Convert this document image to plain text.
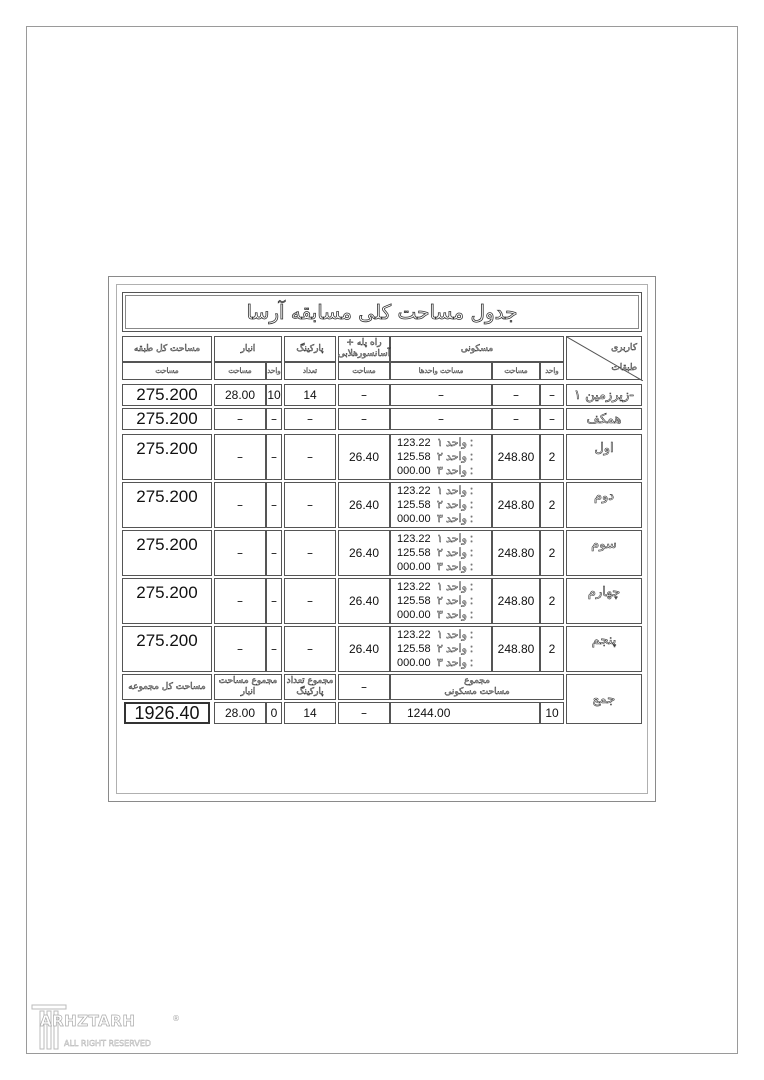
جدول مساحت کلی مسابقه آرسا
کاربری
طبقات
مسکونی
واحد
مساحت
مساحت واحدها
راه پله + آسانسورهلابی
مساحت
پارکینگ
تعداد
انبار
واحد
مساحت
مساحت کل طبقه
مساحت
زیرزمین ۱-
–
–
–
–
14
10
28.00
275.200
همکف
–
–
–
–
–
–
–
275.200
جمع
مجموع
مساحت مسکونی
–
مجموع تعداد پارکینگ
مجموع مساحت انبار
مساحت کل مجموعه
10
1244.00
–
14
0
28.00
1926.40
اول
2
248.80
123.22 واحد ۱ :
125.58 واحد ۲ :
000.00 واحد ۳ :
26.40
–
–
–
275.200
دوم
2
248.80
123.22 واحد ۱ :
125.58 واحد ۲ :
000.00 واحد ۳ :
26.40
–
–
–
275.200
سوم
2
248.80
123.22 واحد ۱ :
125.58 واحد ۲ :
000.00 واحد ۳ :
26.40
–
–
–
275.200
چهارم
2
248.80
123.22 واحد ۱ :
125.58 واحد ۲ :
000.00 واحد ۳ :
26.40
–
–
–
275.200
پنجم
2
248.80
123.22 واحد ۱ :
125.58 واحد ۲ :
000.00 واحد ۳ :
26.40
–
–
–
275.200
ARHZTARH
ALL RIGHT RESERVED
®
